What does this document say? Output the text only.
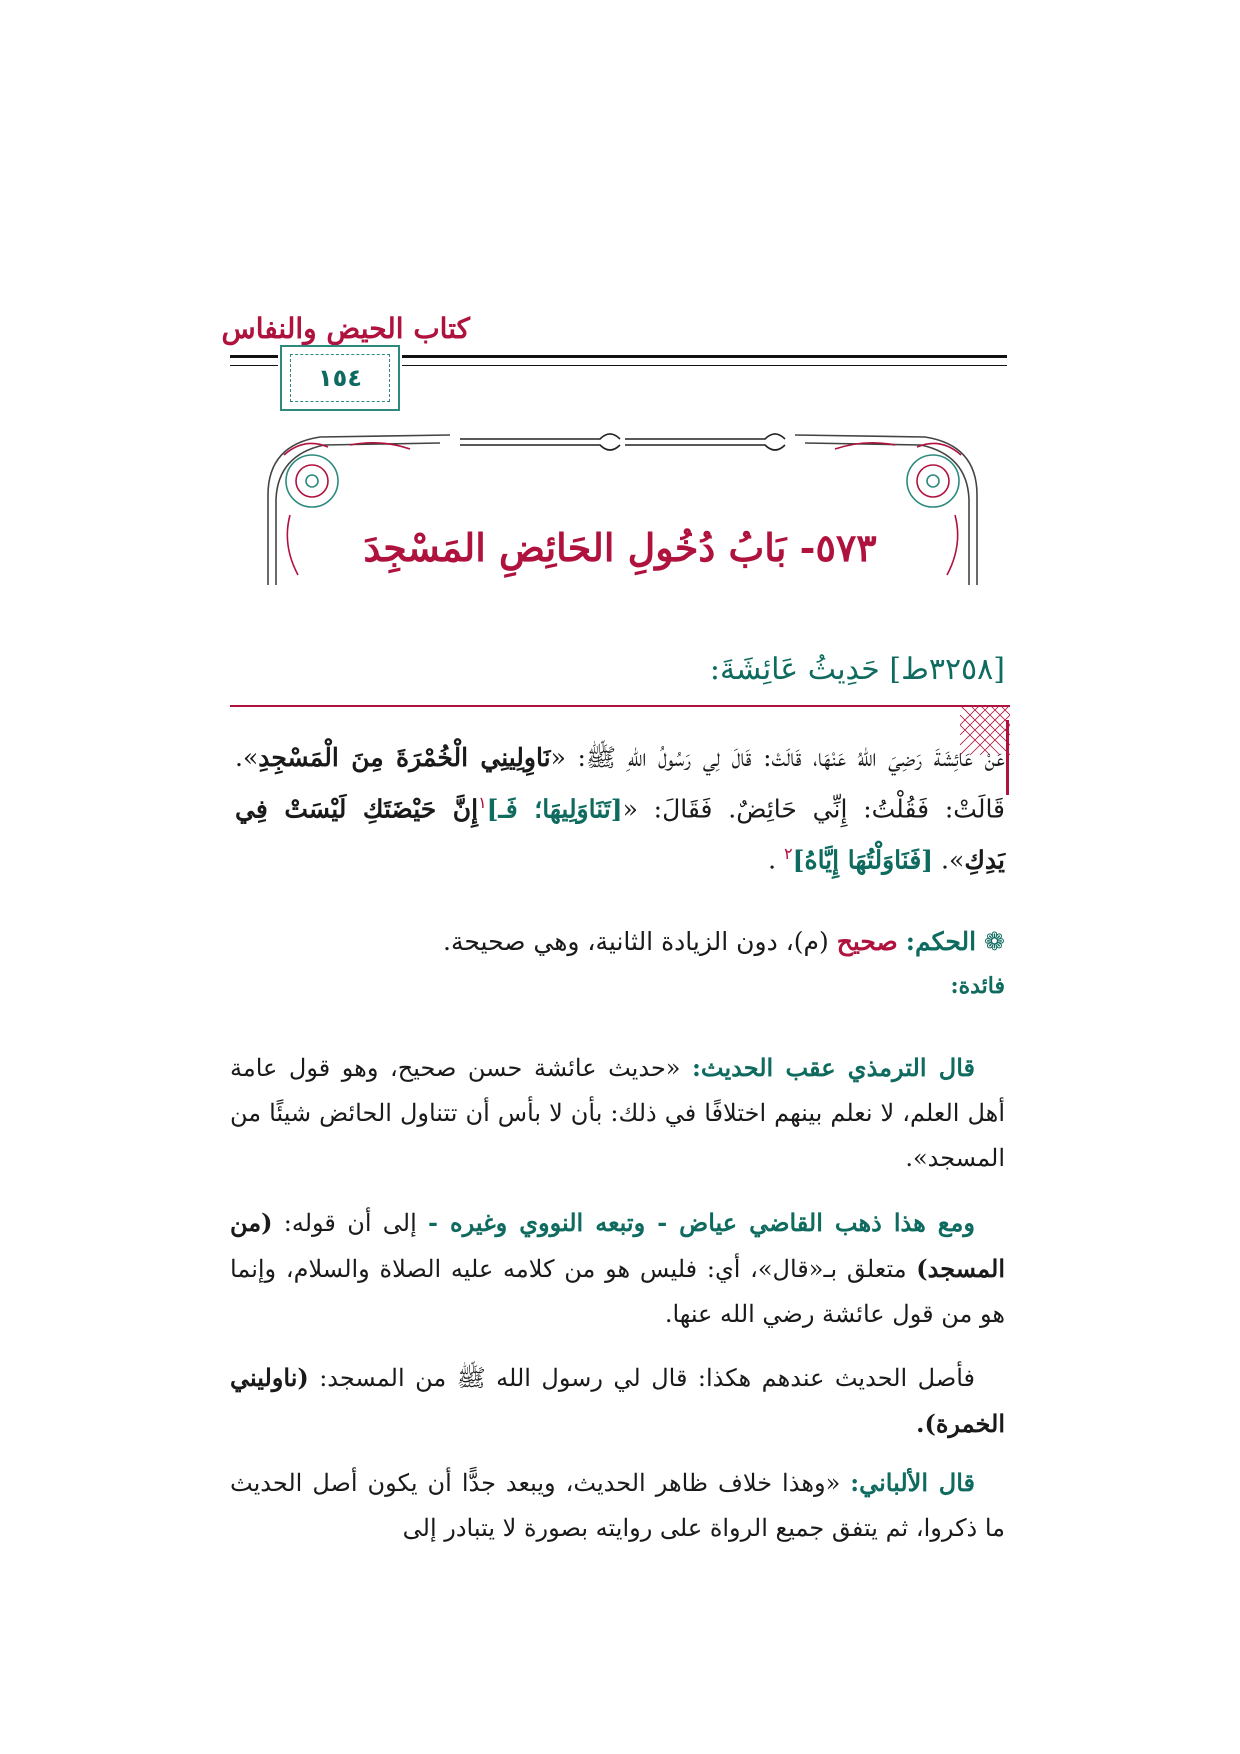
كتاب الحيض والنفاس
١٥٤
٥٧٣- بَابُ دُخُولِ الحَائِضِ المَسْجِدَ
[٣٢٥٨ط] حَدِيثُ عَائِشَةَ:
عَنْ عَائِشَةَ رَضِيَ اللهُ عَنْهَا، قَالَتْ: قَالَ لِي رَسُولُ اللهِ ﷺ: «نَاوِلِينِي الْخُمْرَةَ مِنَ الْمَسْجِدِ». قَالَتْ: فَقُلْتُ: إِنِّي حَائِضٌ. فَقَالَ: «[تَنَاوَلِيهَا؛ فَـ]$^١$إِنَّ حَيْضَتَكِ لَيْسَتْ فِي يَدِكِ». [فَنَاوَلْتُهَا إِيَّاهُ]$^٢$ .
❁ الحكم: صحيح (م)، دون الزيادة الثانية، وهي صحيحة.
فائدة:
قال الترمذي عقب الحديث: «حديث عائشة حسن صحيح، وهو قول عامة أهل العلم، لا نعلم بينهم اختلافًا في ذلك: بأن لا بأس أن تتناول الحائض شيئًا من المسجد».
ومع هذا ذهب القاضي عياض - وتبعه النووي وغيره - إلى أن قوله: (من المسجد) متعلق بـ«قال»، أي: فليس هو من كلامه عليه الصلاة والسلام، وإنما هو من قول عائشة رضي الله عنها.
فأصل الحديث عندهم هكذا: قال لي رسول الله ﷺ من المسجد: (ناوليني الخمرة).
قال الألباني: «وهذا خلاف ظاهر الحديث، ويبعد جدًّا أن يكون أصل الحديث ما ذكروا، ثم يتفق جميع الرواة على روايته بصورة لا يتبادر إلى
